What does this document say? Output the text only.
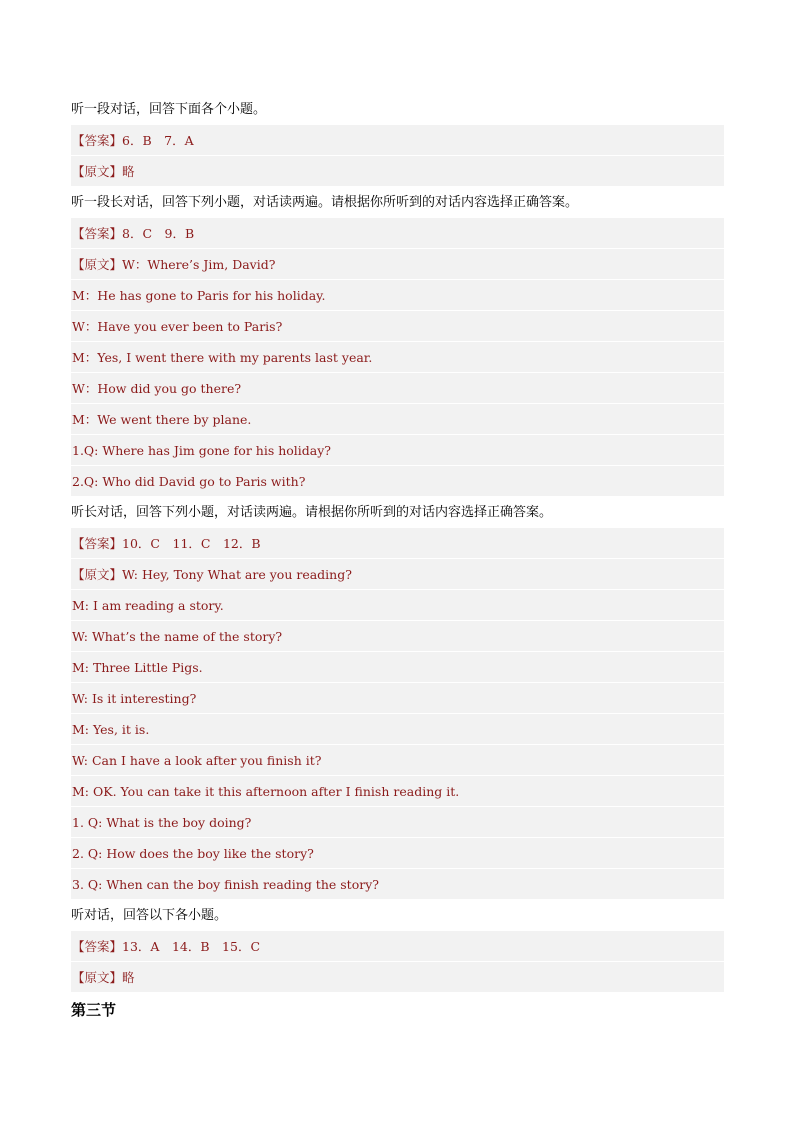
听一段对话，回答下面各个小题。
【答案】6．B　7．A
【原文】略
听一段长对话，回答下列小题，对话读两遍。请根据你所听到的对话内容选择正确答案。
【答案】8．C　9．B
【原文】W：Where’s Jim, David?
M：He has gone to Paris for his holiday.
W：Have you ever been to Paris?
M：Yes, I went there with my parents last year.
W：How did you go there?
M：We went there by plane.
1.Q: Where has Jim gone for his holiday?
2.Q: Who did David go to Paris with?
听长对话，回答下列小题，对话读两遍。请根据你所听到的对话内容选择正确答案。
【答案】10．C　11．C　12．B
【原文】W: Hey, Tony What are you reading?
M: I am reading a story.
W: What’s the name of the story?
M: Three Little Pigs.
W: Is it interesting?
M: Yes, it is.
W: Can I have a look after you finish it?
M: OK. You can take it this afternoon after I finish reading it.
1. Q: What is the boy doing?
2. Q: How does the boy like the story?
3. Q: When can the boy finish reading the story?
听对话，回答以下各小题。
【答案】13．A　14．B　15．C
【原文】略
第三节
